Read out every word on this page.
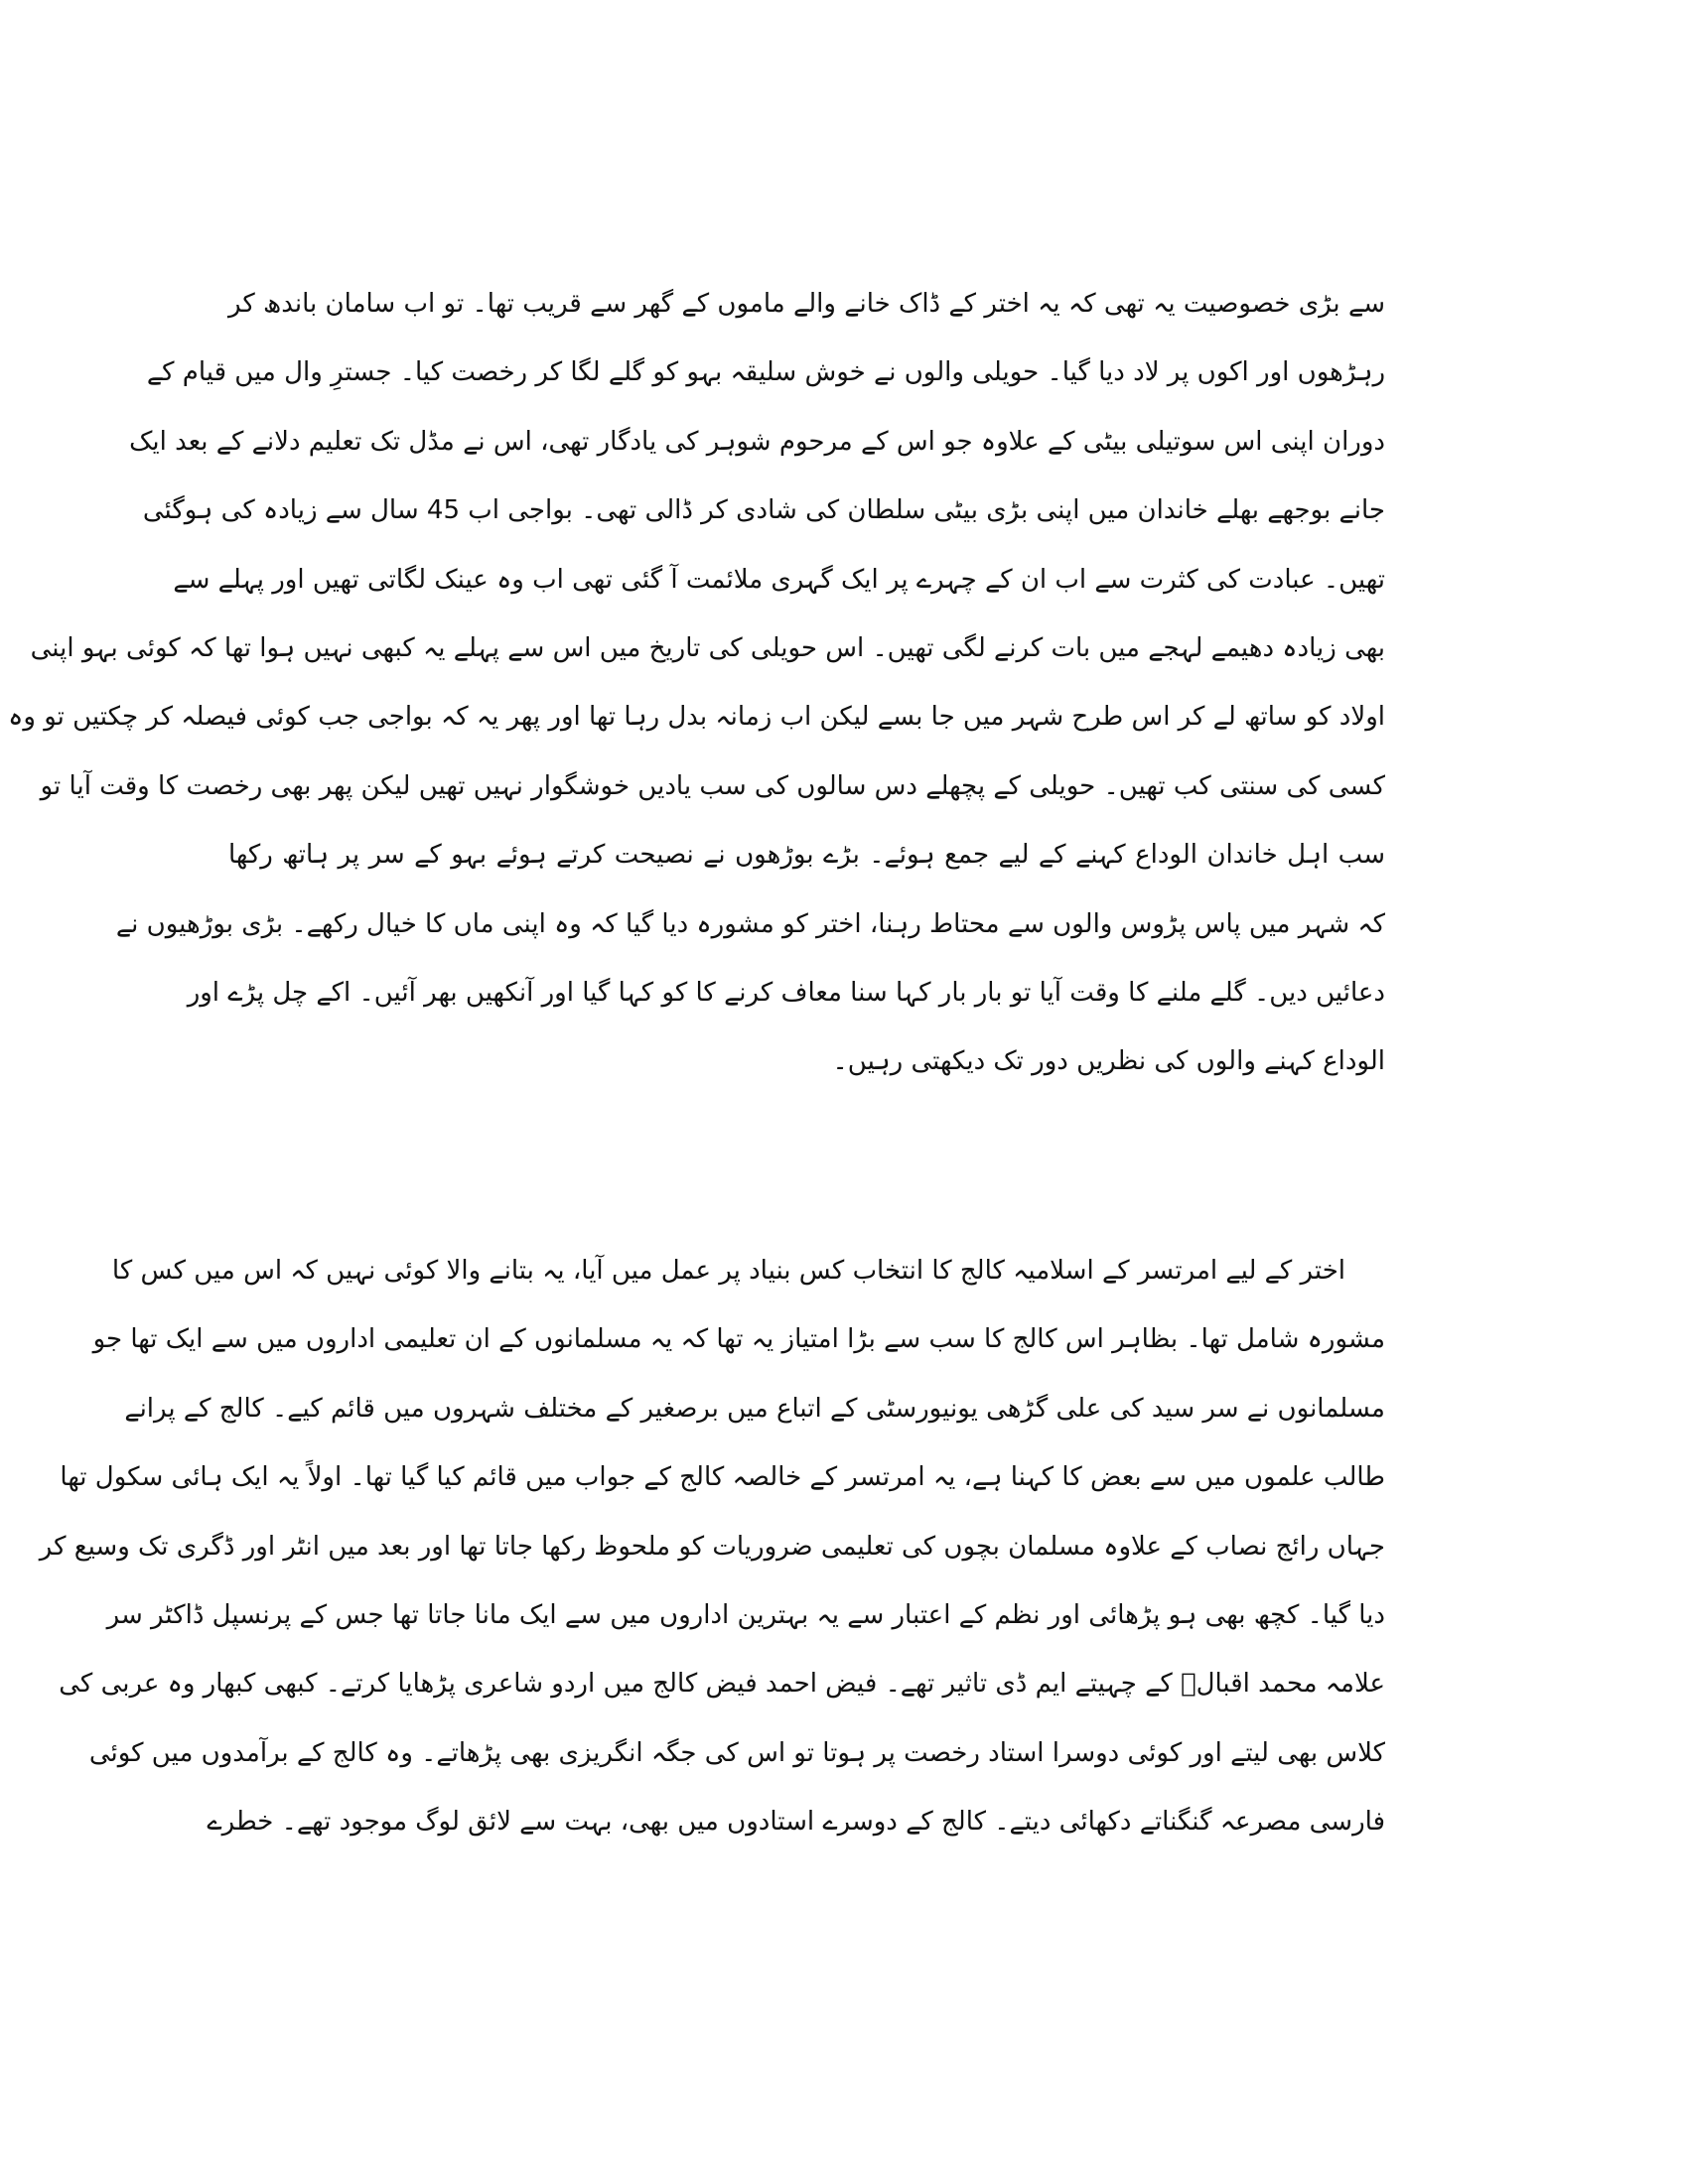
سے بڑی خصوصیت یہ تھی کہ یہ اختر کے ڈاک خانے والے ماموں کے گھر سے قریب تھا۔ تو اب سامان باندھ کر
رہڑھوں اور اکوں پر لاد دیا گیا۔ حویلی والوں نے خوش سلیقہ بہو کو گلے لگا کر رخصت کیا۔ جسترِ وال میں قیام کے
دوران اپنی اس سوتیلی بیٹی کے علاوہ جو اس کے مرحوم شوہر کی یادگار تھی، اس نے مڈل تک تعلیم دلانے کے بعد ایک
جانے بوجھے بھلے خاندان میں اپنی بڑی بیٹی سلطان کی شادی کر ڈالی تھی۔ بواجی اب 45 سال سے زیادہ کی ہوگئی
تھیں۔ عبادت کی کثرت سے اب ان کے چہرے پر ایک گہری ملائمت آ گئی تھی اب وہ عینک لگاتی تھیں اور پہلے سے
بھی زیادہ دھیمے لہجے میں بات کرنے لگی تھیں۔ اس حویلی کی تاریخ میں اس سے پہلے یہ کبھی نہیں ہوا تھا کہ کوئی بہو اپنی
اولاد کو ساتھ لے کر اس طرح شہر میں جا بسے لیکن اب زمانہ بدل رہا تھا اور پھر یہ کہ بواجی جب کوئی فیصلہ کر چکتیں تو وہ
کسی کی سنتی کب تھیں۔ حویلی کے پچھلے دس سالوں کی سب یادیں خوشگوار نہیں تھیں لیکن پھر بھی رخصت کا وقت آیا تو
سب اہل خاندان الوداع کہنے کے لیے جمع ہوئے۔ بڑے بوڑھوں نے نصیحت کرتے ہوئے بہو کے سر پر ہاتھ رکھا
کہ شہر میں پاس پڑوس والوں سے محتاط رہنا، اختر کو مشورہ دیا گیا کہ وہ اپنی ماں کا خیال رکھے۔ بڑی بوڑھیوں نے
دعائیں دیں۔ گلے ملنے کا وقت آیا تو بار بار کہا سنا معاف کرنے کا کو کہا گیا اور آنکھیں بھر آئیں۔ اکے چل پڑے اور
الوداع کہنے والوں کی نظریں دور تک دیکھتی رہیں۔
اختر کے لیے امرتسر کے اسلامیہ کالج کا انتخاب کس بنیاد پر عمل میں آیا، یہ بتانے والا کوئی نہیں کہ اس میں کس کا
مشورہ شامل تھا۔ بظاہر اس کالج کا سب سے بڑا امتیاز یہ تھا کہ یہ مسلمانوں کے ان تعلیمی اداروں میں سے ایک تھا جو
مسلمانوں نے سر سید کی علی گڑھی یونیورسٹی کے اتباع میں برصغیر کے مختلف شہروں میں قائم کیے۔ کالج کے پرانے
طالب علموں میں سے بعض کا کہنا ہے، یہ امرتسر کے خالصہ کالج کے جواب میں قائم کیا گیا تھا۔ اولاً یہ ایک ہائی سکول تھا
جہاں رائج نصاب کے علاوہ مسلمان بچوں کی تعلیمی ضروریات کو ملحوظ رکھا جاتا تھا اور بعد میں انٹر اور ڈگری تک وسیع کر
دیا گیا۔ کچھ بھی ہو پڑھائی اور نظم کے اعتبار سے یہ بہترین اداروں میں سے ایک مانا جاتا تھا جس کے پرنسپل ڈاکٹر سر
علامہ محمد اقبالؒ کے چہیتے ایم ڈی تاثیر تھے۔ فیض احمد فیض کالج میں اردو شاعری پڑھایا کرتے۔ کبھی کبھار وہ عربی کی
کلاس بھی لیتے اور کوئی دوسرا استاد رخصت پر ہوتا تو اس کی جگہ انگریزی بھی پڑھاتے۔ وہ کالج کے برآمدوں میں کوئی
فارسی مصرعہ گنگناتے دکھائی دیتے۔ کالج کے دوسرے استادوں میں بھی، بہت سے لائق لوگ موجود تھے۔ خطرے
